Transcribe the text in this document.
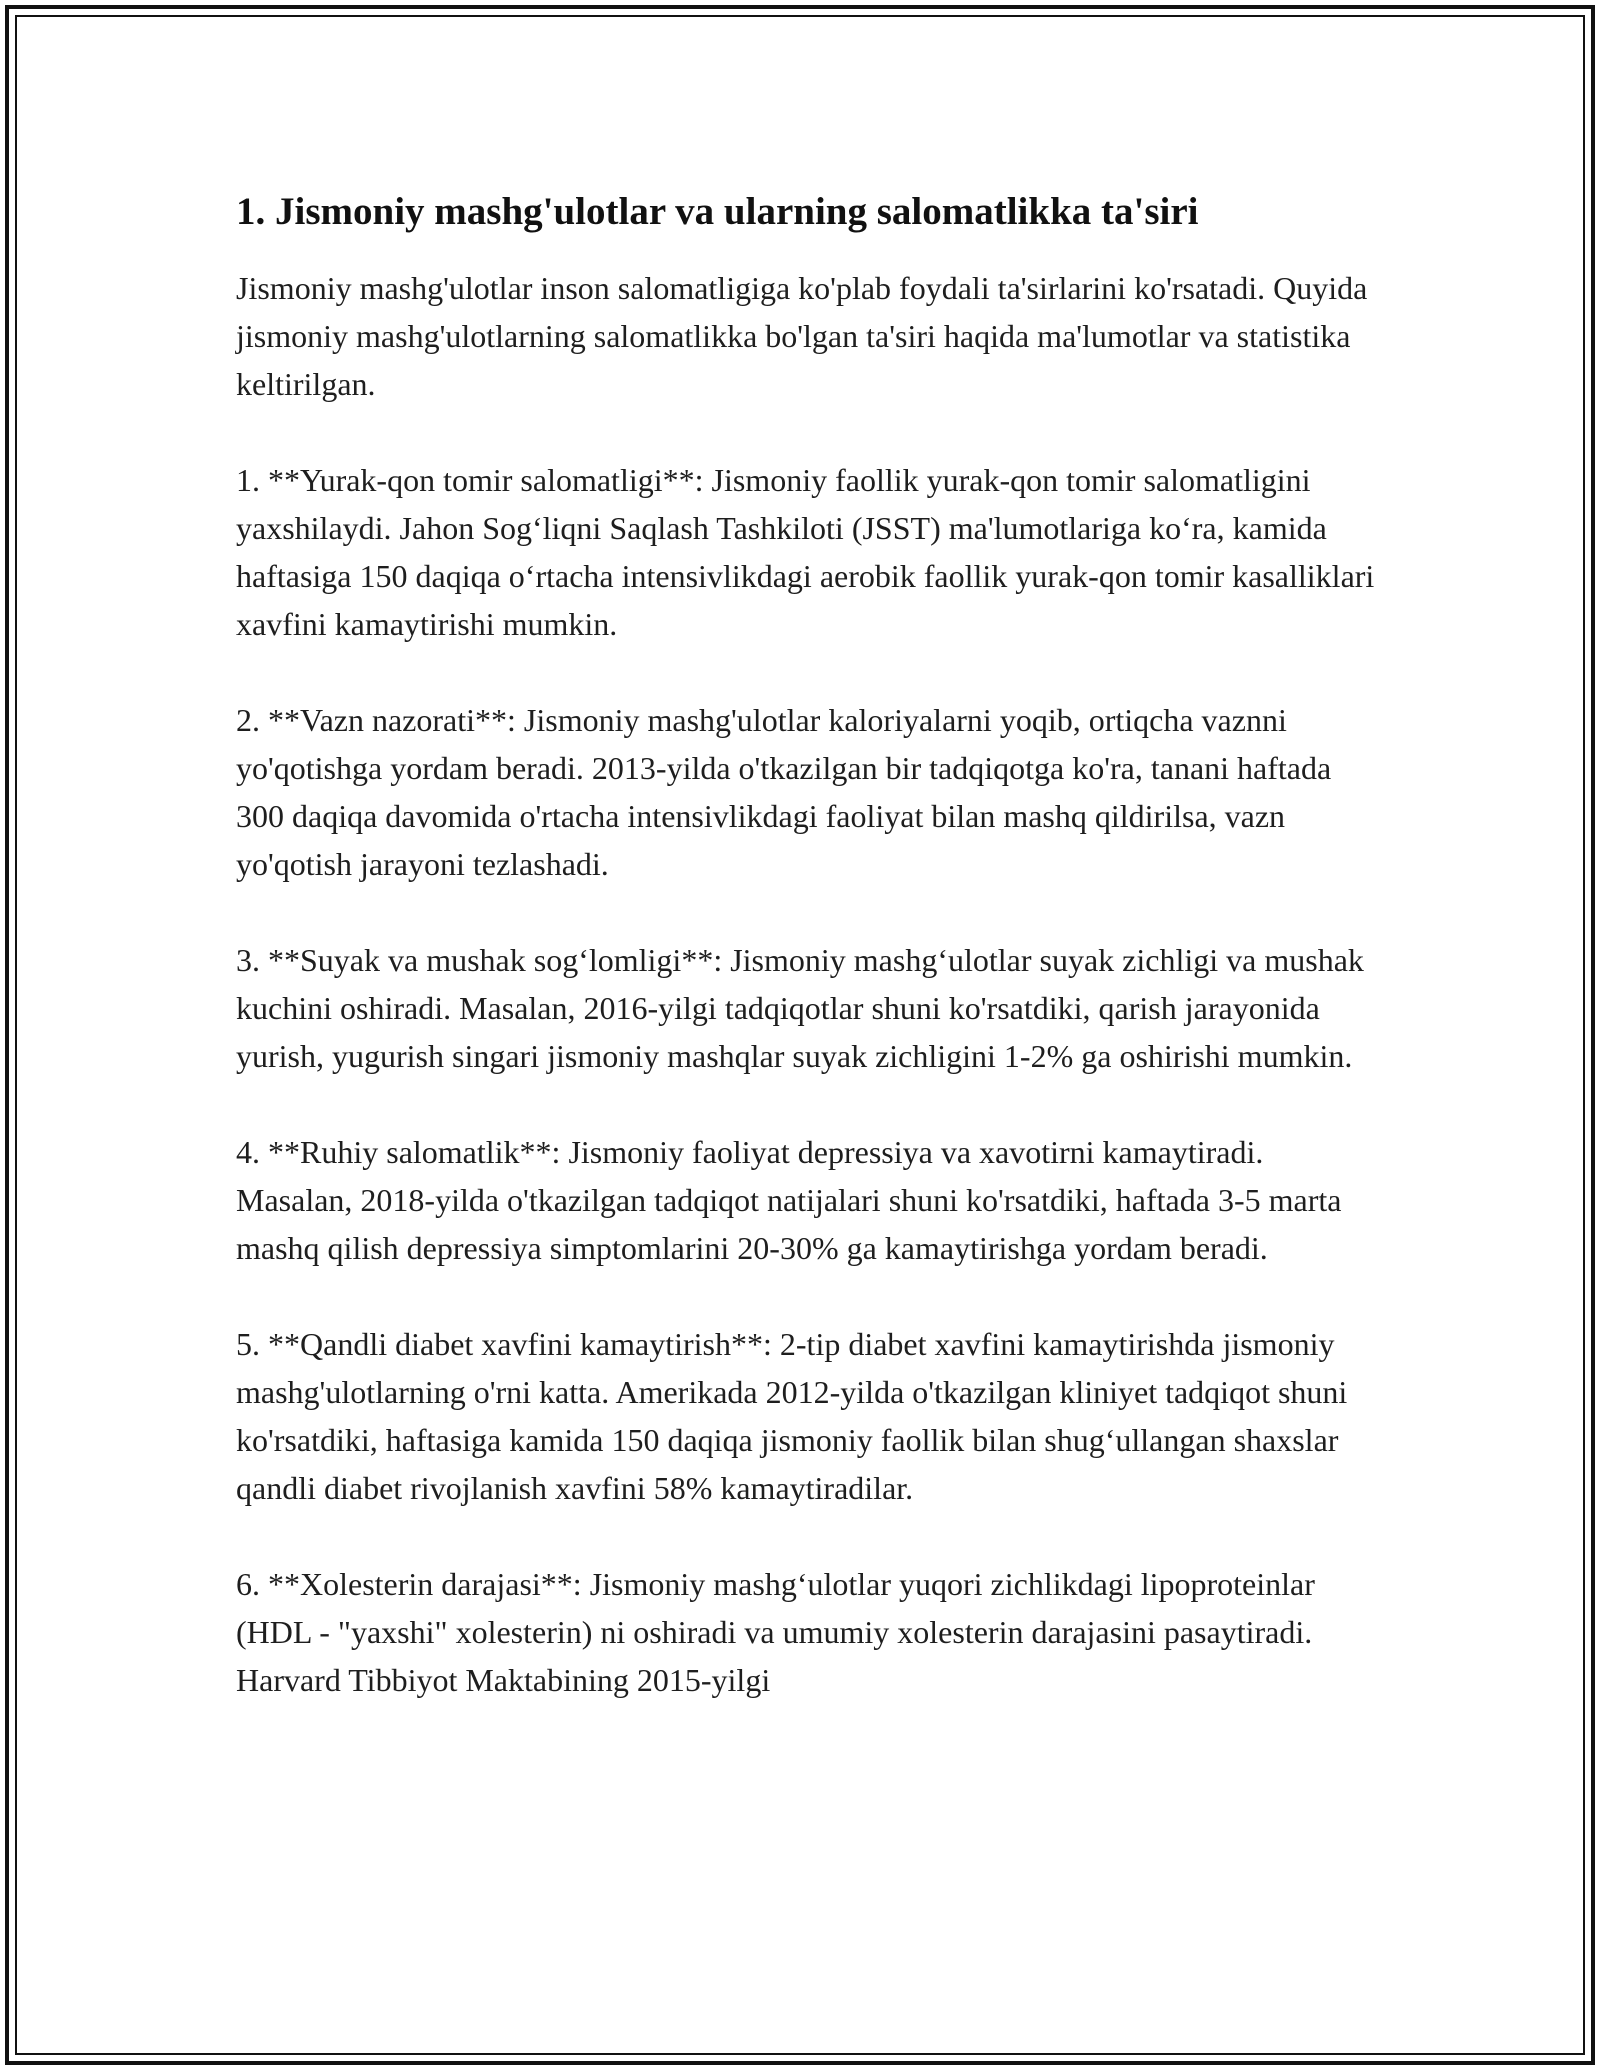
1. Jismoniy mashg'ulotlar va ularning salomatlikka ta'siri

Jismoniy mashg'ulotlar inson salomatligiga ko'plab foydali ta'sirlarini ko'rsatadi. Quyida jismoniy mashg'ulotlarning salomatlikka bo'lgan ta'siri haqida ma'lumotlar va statistika keltirilgan.

1. **Yurak-qon tomir salomatligi**: Jismoniy faollik yurak-qon tomir salomatligini yaxshilaydi. Jahon Sog‘liqni Saqlash Tashkiloti (JSST) ma'lumotlariga ko‘ra, kamida haftasiga 150 daqiqa o‘rtacha intensivlikdagi aerobik faollik yurak-qon tomir kasalliklari xavfini kamaytirishi mumkin.

2. **Vazn nazorati**: Jismoniy mashg'ulotlar kaloriyalarni yoqib, ortiqcha vaznni yo'qotishga yordam beradi. 2013-yilda o'tkazilgan bir tadqiqotga ko'ra, tanani haftada 300 daqiqa davomida o'rtacha intensivlikdagi faoliyat bilan mashq qildirilsa, vazn yo'qotish jarayoni tezlashadi.

3. **Suyak va mushak sog‘lomligi**: Jismoniy mashg‘ulotlar suyak zichligi va mushak kuchini oshiradi. Masalan, 2016-yilgi tadqiqotlar shuni ko'rsatdiki, qarish jarayonida yurish, yugurish singari jismoniy mashqlar suyak zichligini 1-2% ga oshirishi mumkin.

4. **Ruhiy salomatlik**: Jismoniy faoliyat depressiya va xavotirni kamaytiradi. Masalan, 2018-yilda o'tkazilgan tadqiqot natijalari shuni ko'rsatdiki, haftada 3-5 marta mashq qilish depressiya simptomlarini 20-30% ga kamaytirishga yordam beradi.

5. **Qandli diabet xavfini kamaytirish**: 2-tip diabet xavfini kamaytirishda jismoniy mashg'ulotlarning o'rni katta. Amerikada 2012-yilda o'tkazilgan kliniyet tadqiqot shuni ko'rsatdiki, haftasiga kamida 150 daqiqa jismoniy faollik bilan shug‘ullangan shaxslar qandli diabet rivojlanish xavfini 58% kamaytiradilar.

6. **Xolesterin darajasi**: Jismoniy mashg‘ulotlar yuqori zichlikdagi lipoproteinlar (HDL - "yaxshi" xolesterin) ni oshiradi va umumiy xolesterin darajasini pasaytiradi. Harvard Tibbiyot Maktabining 2015-yilgi
